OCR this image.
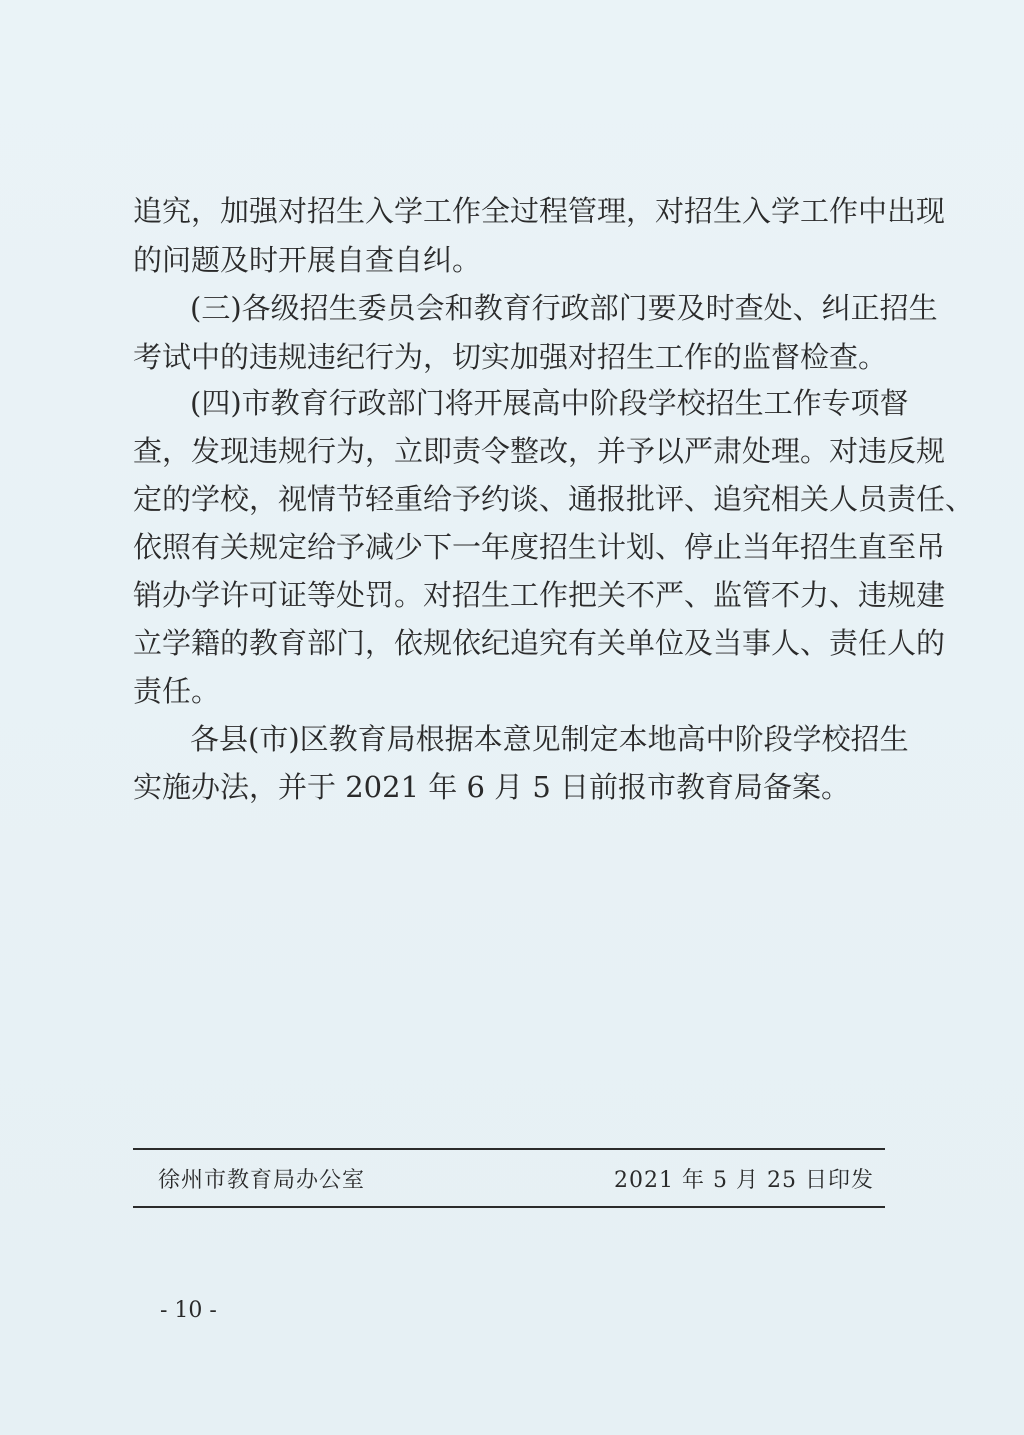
追究，加强对招生入学工作全过程管理，对招生入学工作中出现
的问题及时开展自查自纠。
(三)各级招生委员会和教育行政部门要及时查处、纠正招生
考试中的违规违纪行为，切实加强对招生工作的监督检查。
(四)市教育行政部门将开展高中阶段学校招生工作专项督
查，发现违规行为，立即责令整改，并予以严肃处理。对违反规
定的学校，视情节轻重给予约谈、通报批评、追究相关人员责任、
依照有关规定给予减少下一年度招生计划、停止当年招生直至吊
销办学许可证等处罚。对招生工作把关不严、监管不力、违规建
立学籍的教育部门，依规依纪追究有关单位及当事人、责任人的
责任。
各县(市)区教育局根据本意见制定本地高中阶段学校招生
实施办法，并于 2021 年 6 月 5 日前报市教育局备案。
徐州市教育局办公室	2021 年 5 月 25 日印发
- 10 -
